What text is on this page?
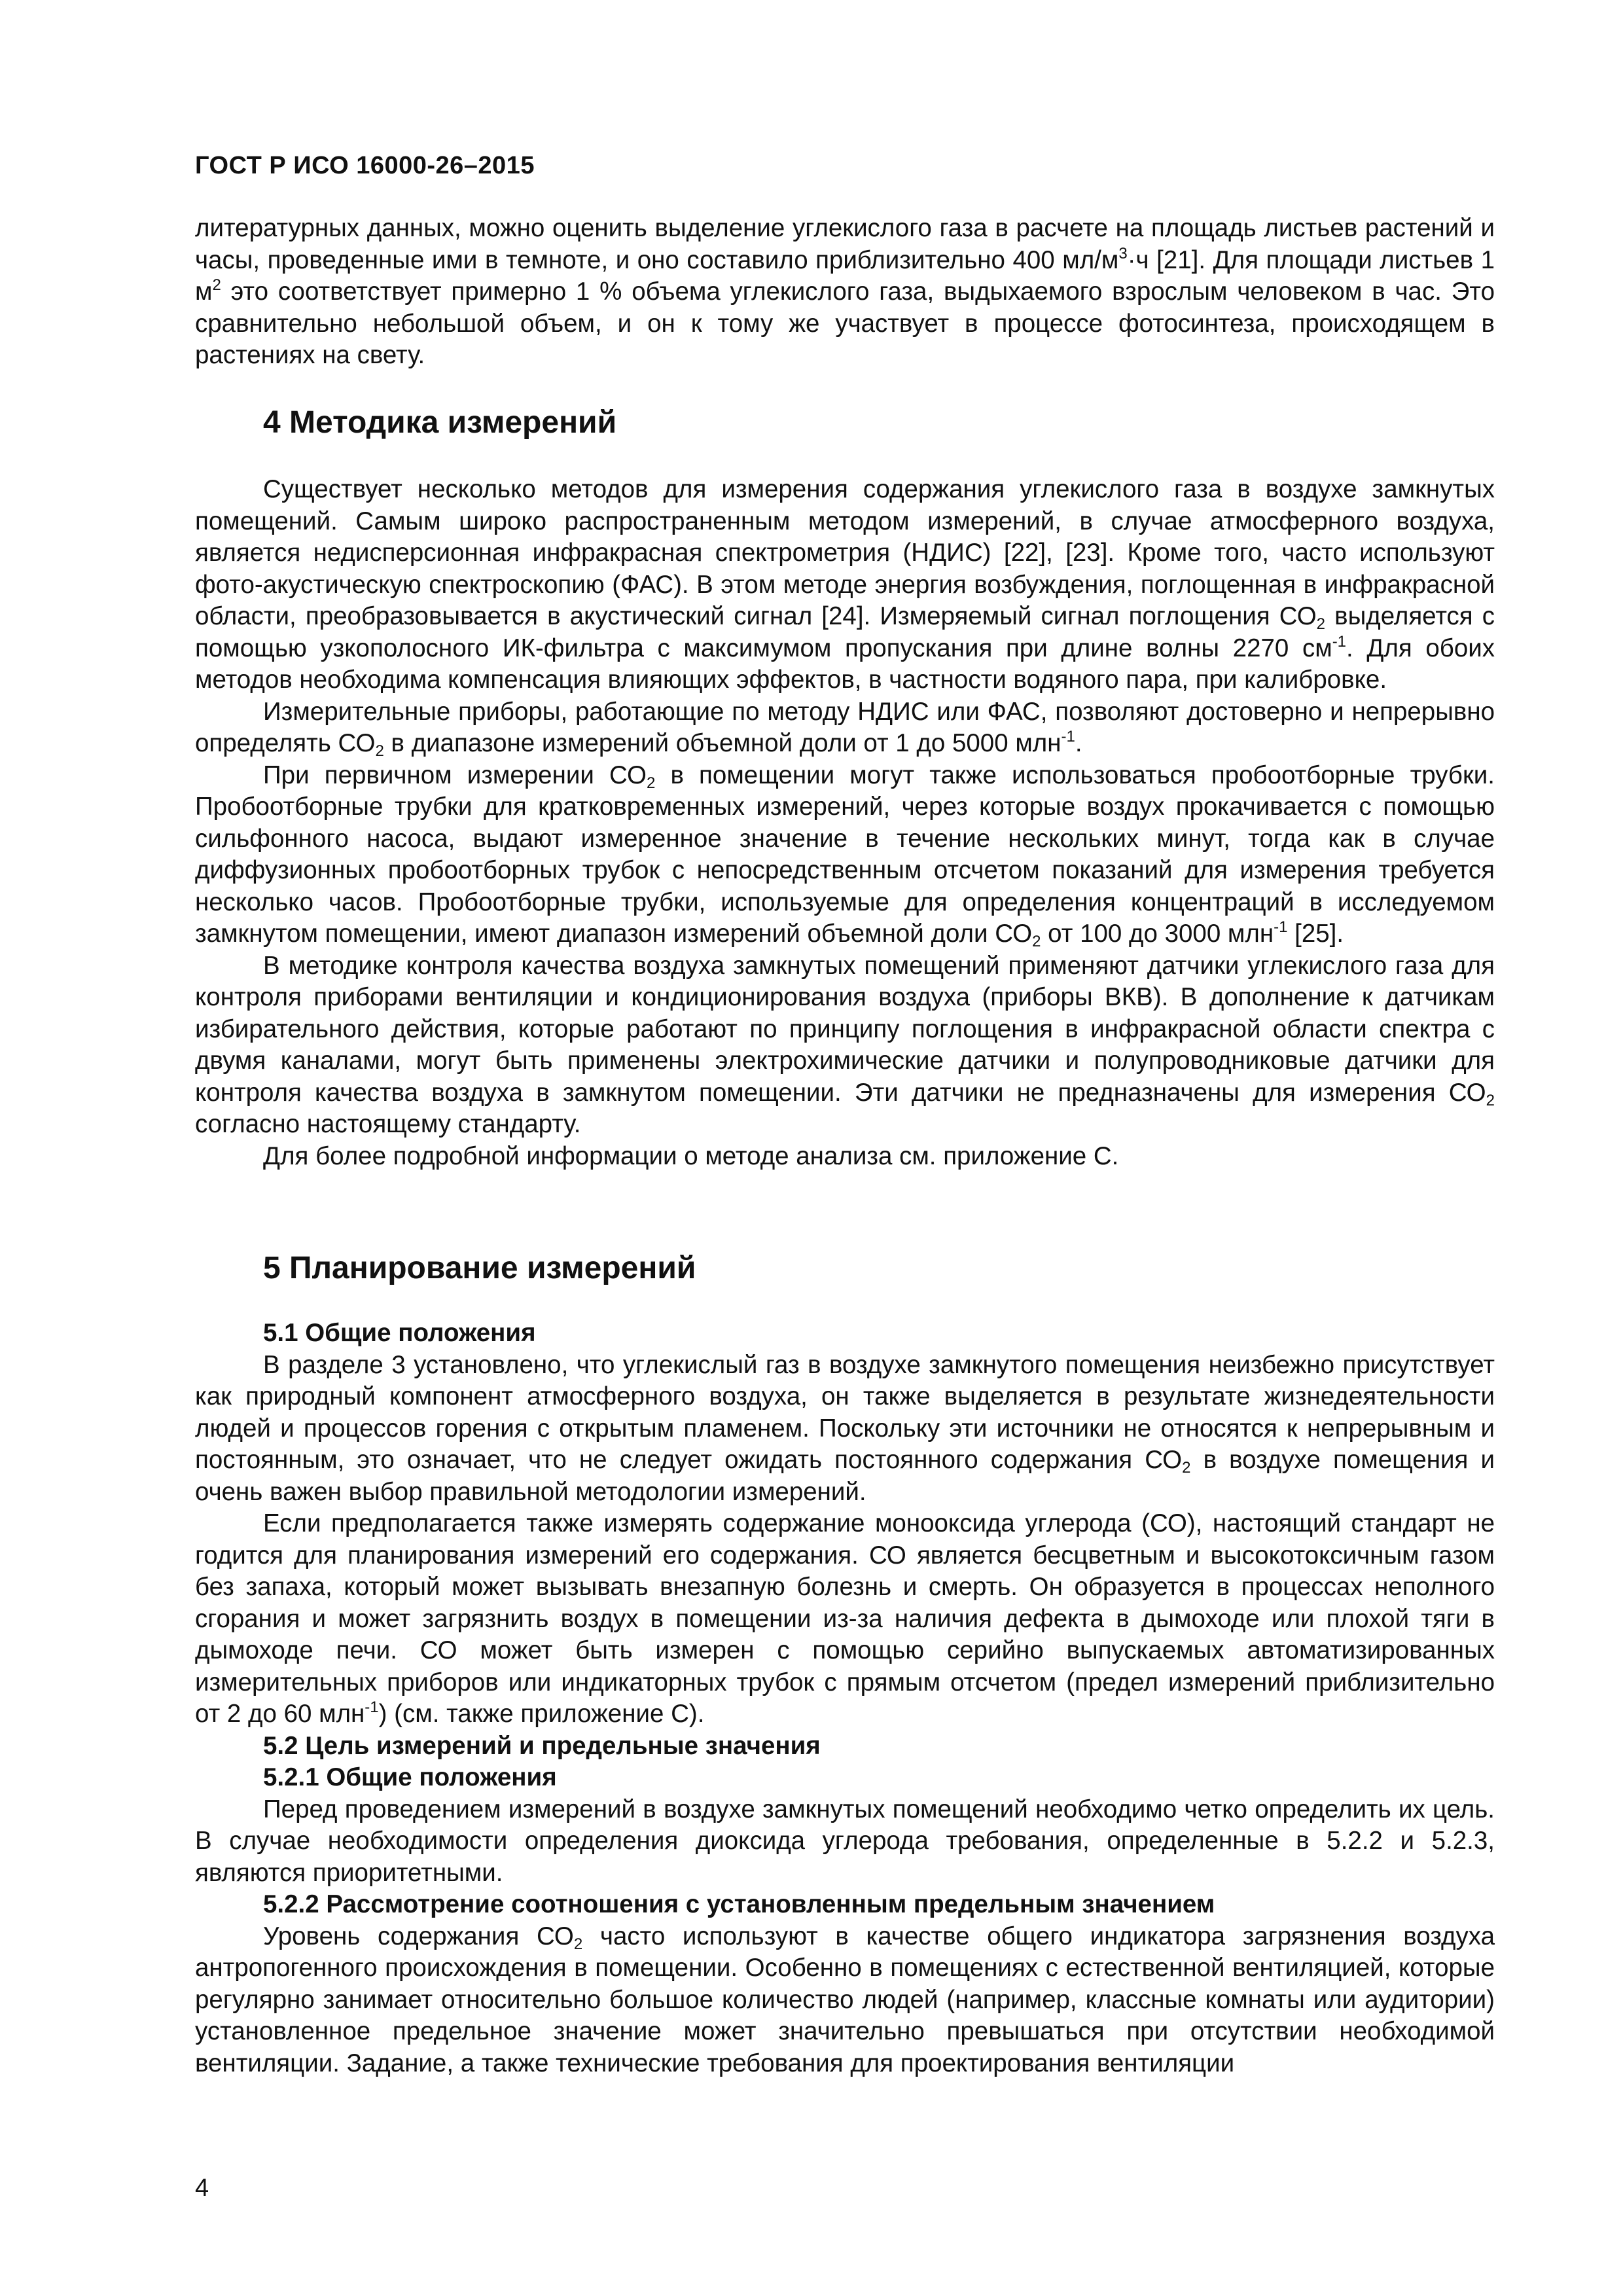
ГОСТ Р ИСО 16000-26–2015

литературных данных, можно оценить выделение углекислого газа в расчете на площадь листьев растений и часы, проведенные ими в темноте, и оно составило приблизительно 400 $мл/м^3\cdot ч$ [21]. Для площади листьев 1 $м^2$ это соответствует примерно 1 % объема углекислого газа, выдыхаемого взрослым человеком в час. Это сравнительно небольшой объем, и он к тому же участвует в процессе фотосинтеза, происходящем в растениях на свету.

4 Методика измерений

Существует несколько методов для измерения содержания углекислого газа в воздухе замкнутых помещений. Самым широко распространенным методом измерений, в случае атмосферного воздуха, является недисперсионная инфракрасная спектрометрия (НДИС) [22], [23]. Кроме того, часто используют фото-акустическую спектроскопию (ФАС). В этом методе энергия возбуждения, поглощенная в инфракрасной области, преобразовывается в акустический сигнал [24]. Измеряемый сигнал поглощения $СО_2$ выделяется с помощью узкополосного ИК-фильтра с максимумом пропускания при длине волны 2270 $см^{-1}$. Для обоих методов необходима компенсация влияющих эффектов, в частности водяного пара, при калибровке.

Измерительные приборы, работающие по методу НДИС или ФАС, позволяют достоверно и непрерывно определять $СО_2$ в диапазоне измерений объемной доли от 1 до 5000 млн$^{-1}$.

При первичном измерении $СО_2$ в помещении могут также использоваться пробоотборные трубки. Пробоотборные трубки для кратковременных измерений, через которые воздух прокачивается с помощью сильфонного насоса, выдают измеренное значение в течение нескольких минут, тогда как в случае диффузионных пробоотборных трубок с непосредственным отсчетом показаний для измерения требуется несколько часов. Пробоотборные трубки, используемые для определения концентраций в исследуемом замкнутом помещении, имеют диапазон измерений объемной доли $СО_2$ от 100 до 3000 млн$^{-1}$ [25].

В методике контроля качества воздуха замкнутых помещений применяют датчики углекислого газа для контроля приборами вентиляции и кондиционирования воздуха (приборы ВКВ). В дополнение к датчикам избирательного действия, которые работают по принципу поглощения в инфракрасной области спектра с двумя каналами, могут быть применены электрохимические датчики и полупроводниковые датчики для контроля качества воздуха в замкнутом помещении. Эти датчики не предназначены для измерения $СО_2$ согласно настоящему стандарту.

Для более подробной информации о методе анализа см. приложение С.

5 Планирование измерений

5.1 Общие положения

В разделе 3 установлено, что углекислый газ в воздухе замкнутого помещения неизбежно присутствует как природный компонент атмосферного воздуха, он также выделяется в результате жизнедеятельности людей и процессов горения с открытым пламенем. Поскольку эти источники не относятся к непрерывным и постоянным, это означает, что не следует ожидать постоянного содержания $СО_2$ в воздухе помещения и очень важен выбор правильной методологии измерений.

Если предполагается также измерять содержание монооксида углерода (СО), настоящий стандарт не годится для планирования измерений его содержания. СО является бесцветным и высокотоксичным газом без запаха, который может вызывать внезапную болезнь и смерть. Он образуется в процессах неполного сгорания и может загрязнить воздух в помещении из-за наличия дефекта в дымоходе или плохой тяги в дымоходе печи. СО может быть измерен с помощью серийно выпускаемых автоматизированных измерительных приборов или индикаторных трубок с прямым отсчетом (предел измерений приблизительно от 2 до 60 млн$^{-1}$) (см. также приложение С).

5.2 Цель измерений и предельные значения

5.2.1 Общие положения

Перед проведением измерений в воздухе замкнутых помещений необходимо четко определить их цель. В случае необходимости определения диоксида углерода требования, определенные в 5.2.2 и 5.2.3, являются приоритетными.

5.2.2 Рассмотрение соотношения с установленным предельным значением

Уровень содержания $СО_2$ часто используют в качестве общего индикатора загрязнения воздуха антропогенного происхождения в помещении. Особенно в помещениях с естественной вентиляцией, которые регулярно занимает относительно большое количество людей (например, классные комнаты или аудитории) установленное предельное значение может значительно превышаться при отсутствии необходимой вентиляции. Задание, а также технические требования для проектирования вентиляции

4
